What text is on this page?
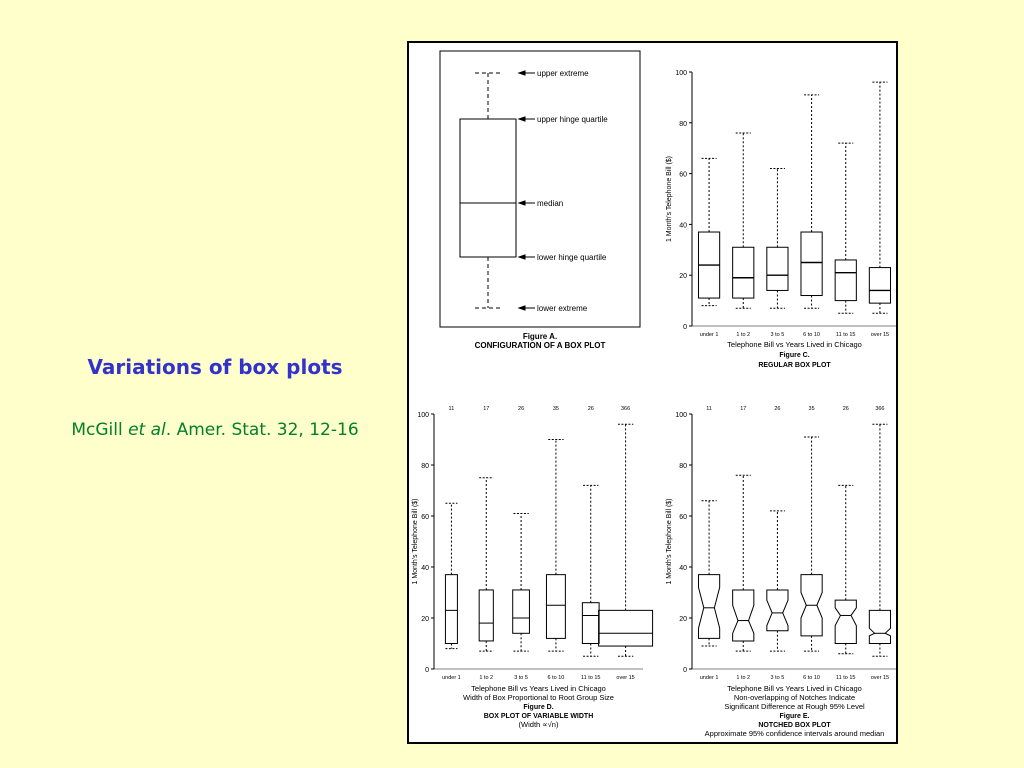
Variations of box plots
McGill et al. Amer. Stat. 32, 12-16
upper extreme
upper hinge quartile
median
lower hinge quartile
lower extreme
Figure A.
CONFIGURATION OF A BOX PLOT
0
20
40
60
80
100
1 Month's Telephone Bill ($)
under 1	1 to 2	3 to 5	6 to 10	11 to 15	over 15
Telephone Bill vs Years Lived in Chicago
Figure C.
REGULAR BOX PLOT
0
20
40
60
80
100
1 Month's Telephone Bill ($)
under 1	1 to 2	3 to 5	6 to 10	11 to 15	over 15
11	17	26	35	26	366
Telephone Bill vs Years Lived in Chicago
Width of Box Proportional to Root Group Size
Figure D.
BOX PLOT OF VARIABLE WIDTH
(Width ∝√n)
0
20
40
60
80
100
1 Month's Telephone Bill ($)
under 1	1 to 2	3 to 5	6 to 10	11 to 15	over 15
11	17	26	35	26	366
Telephone Bill vs Years Lived in Chicago
Non-overlapping of Notches Indicate
Significant Difference at Rough 95% Level
Figure E.
NOTCHED BOX PLOT
Approximate 95% confidence intervals around median
